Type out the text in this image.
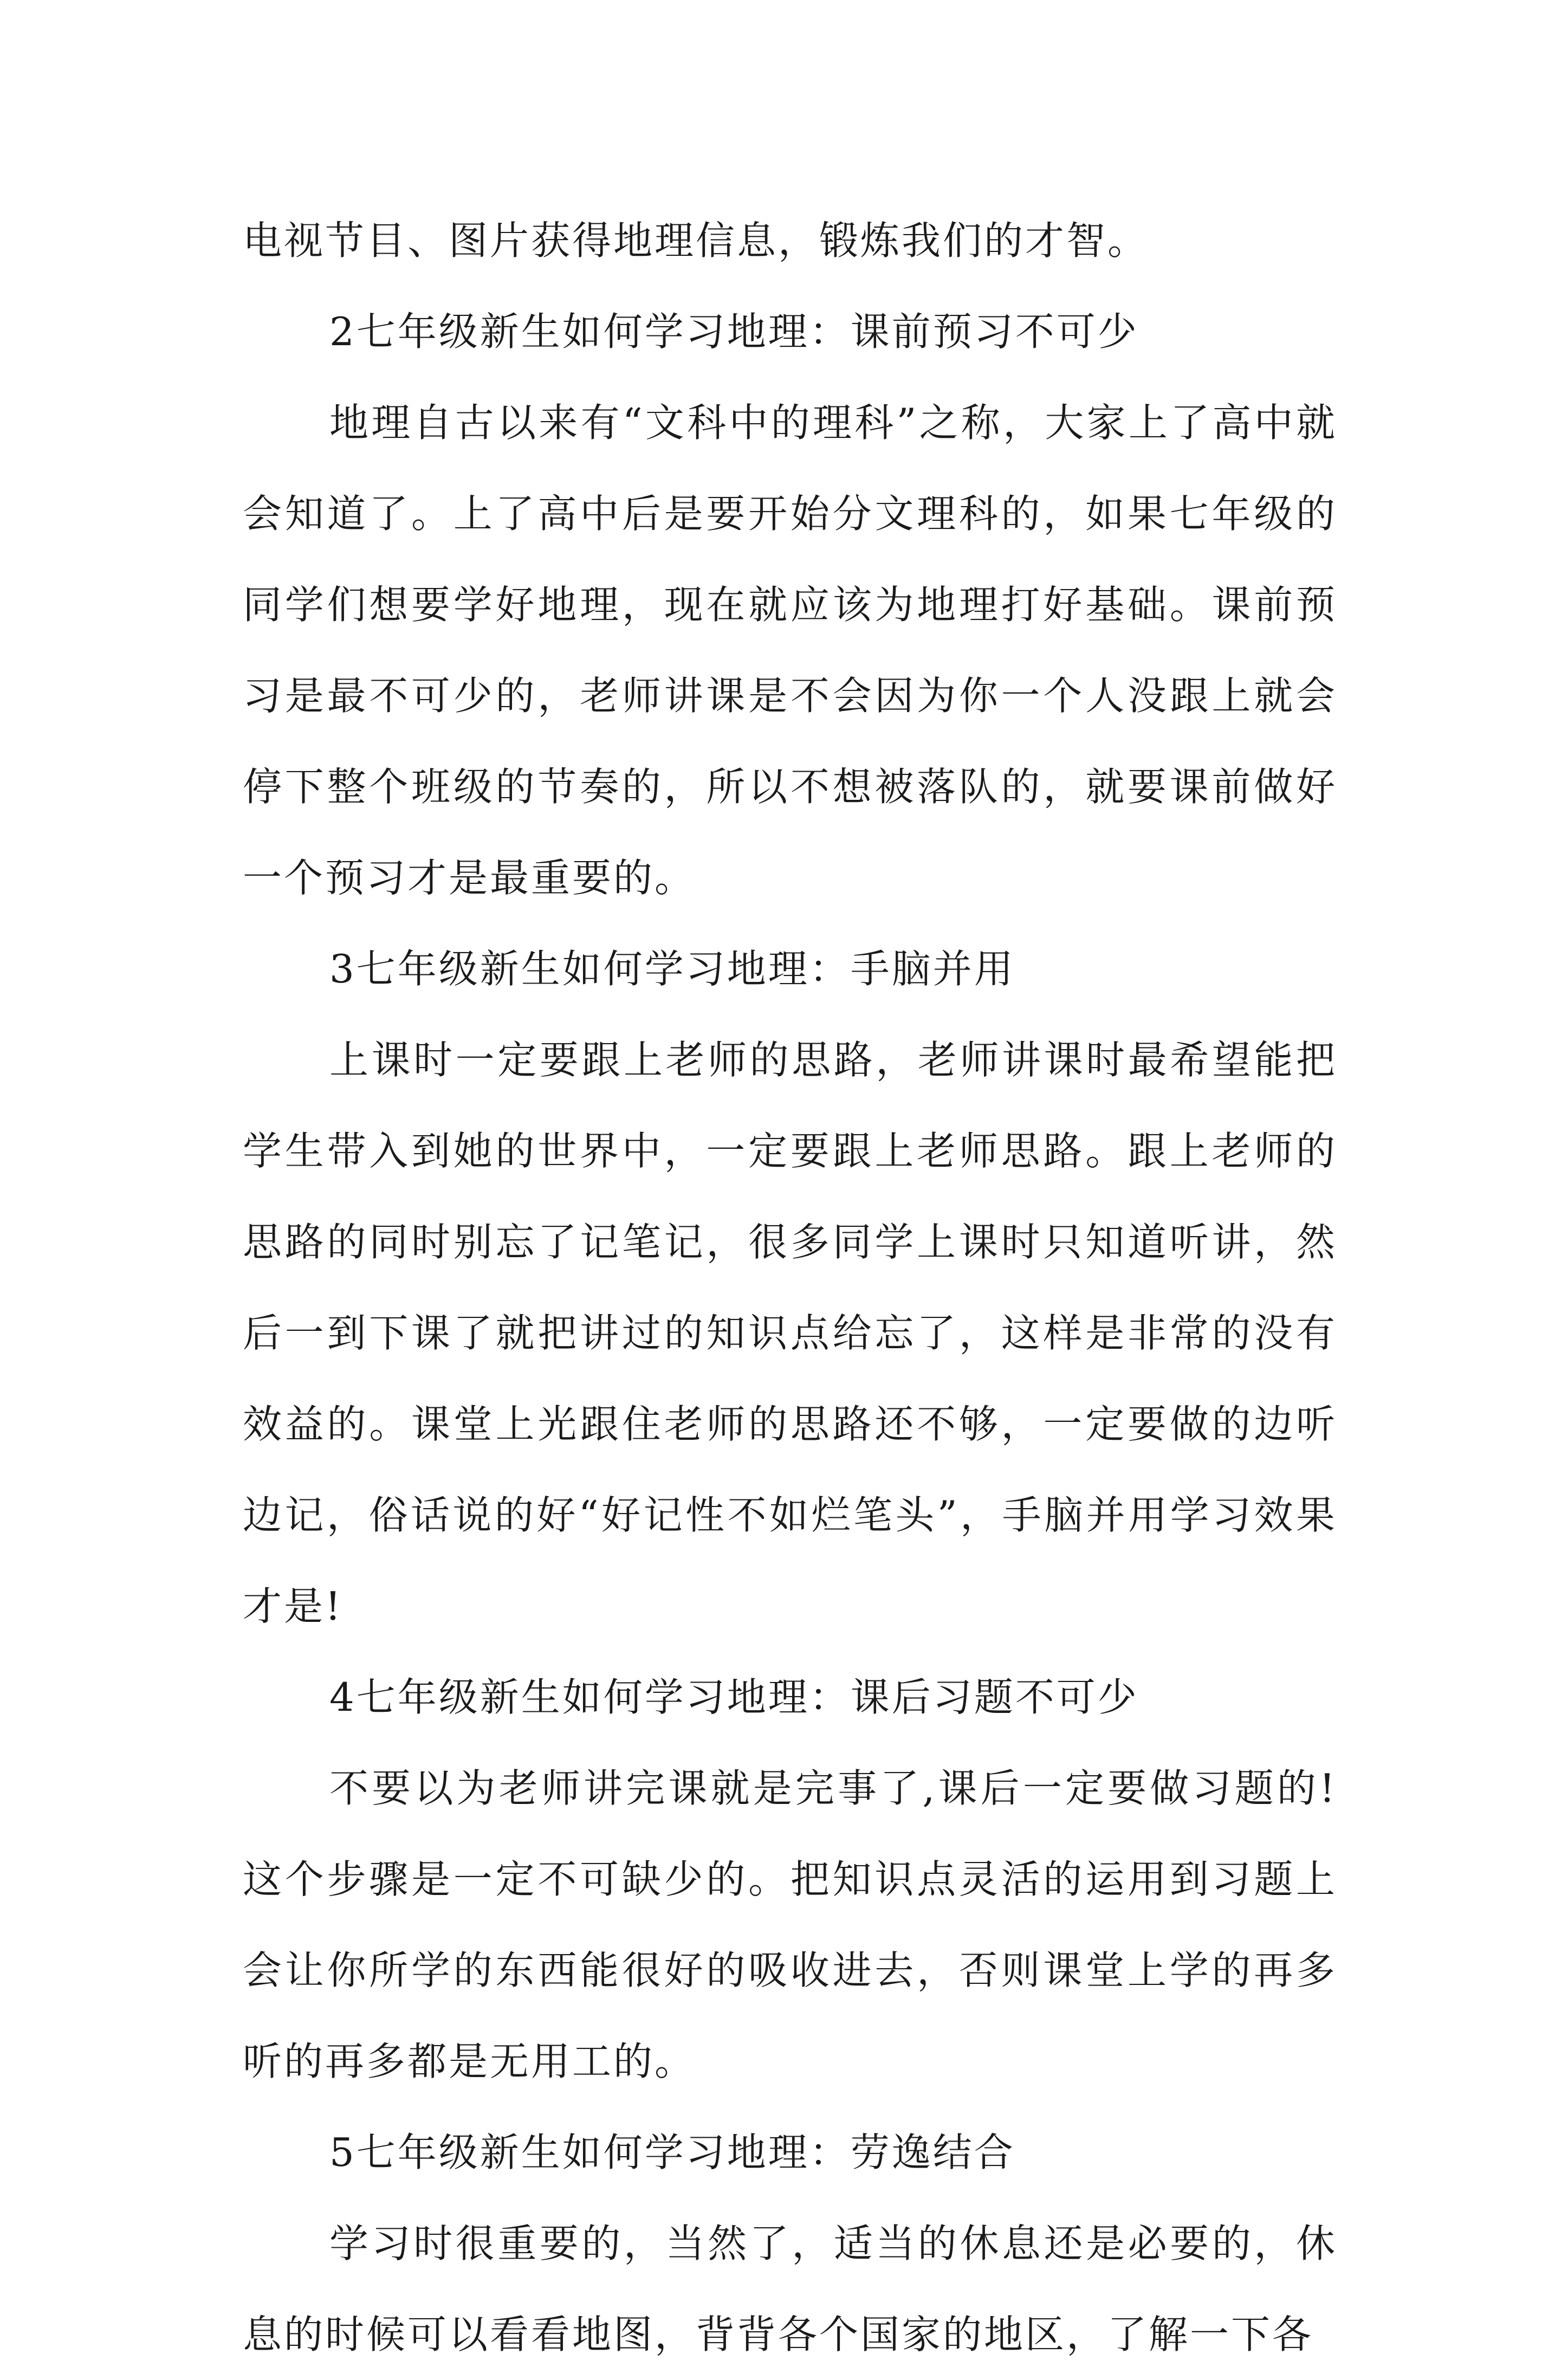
电视节目、图片获得地理信息，锻炼我们的才智。

2七年级新生如何学习地理：课前预习不可少

地理自古以来有“文科中的理科”之称，大家上了高中就会知道了。上了高中后是要开始分文理科的，如果七年级的同学们想要学好地理，现在就应该为地理打好基础。课前预习是最不可少的，老师讲课是不会因为你一个人没跟上就会停下整个班级的节奏的，所以不想被落队的，就要课前做好一个预习才是最重要的。

3七年级新生如何学习地理：手脑并用

上课时一定要跟上老师的思路，老师讲课时最希望能把学生带入到她的世界中，一定要跟上老师思路。跟上老师的思路的同时别忘了记笔记，很多同学上课时只知道听讲，然后一到下课了就把讲过的知识点给忘了，这样是非常的没有效益的。课堂上光跟住老师的思路还不够，一定要做的边听边记，俗话说的好“好记性不如烂笔头”，手脑并用学习效果才是!

4七年级新生如何学习地理：课后习题不可少

不要以为老师讲完课就是完事了,课后一定要做习题的!这个步骤是一定不可缺少的。把知识点灵活的运用到习题上会让你所学的东西能很好的吸收进去，否则课堂上学的再多听的再多都是无用工的。

5七年级新生如何学习地理：劳逸结合

学习时很重要的，当然了，适当的休息还是必要的，休息的时候可以看看地图，背背各个国家的地区，了解一下各
